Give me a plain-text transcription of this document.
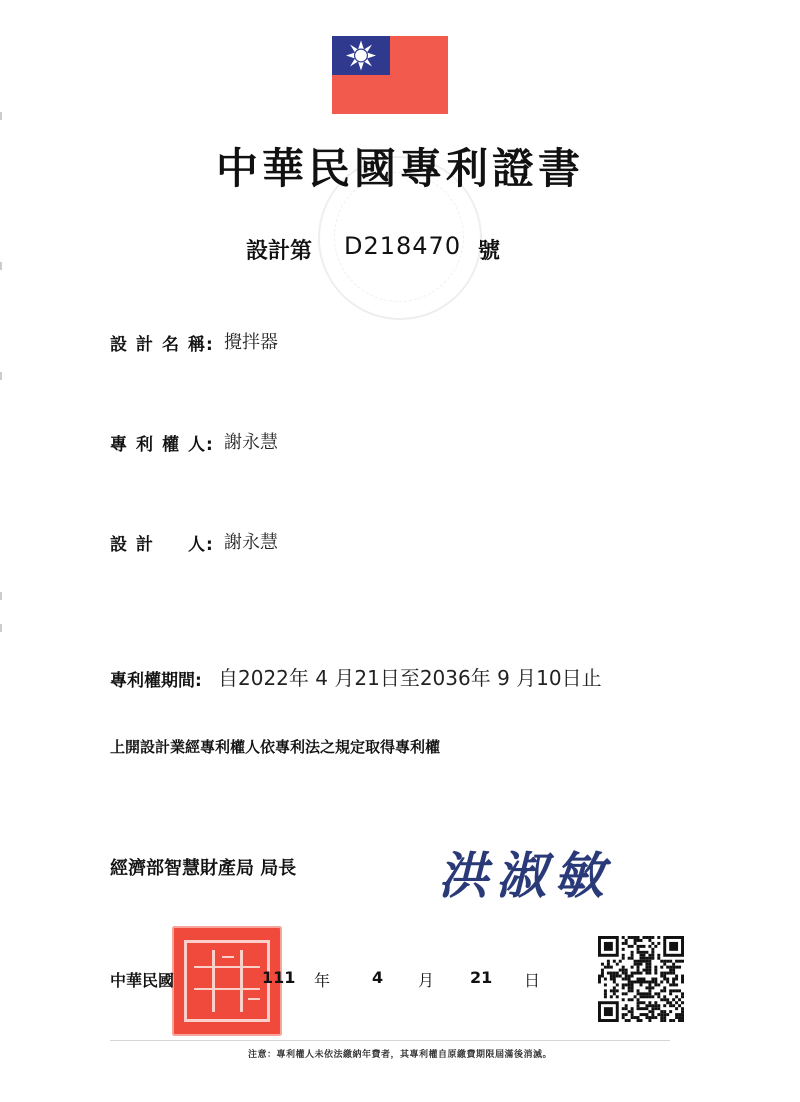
中華民國專利證書
設計第 D218470 號
設 計 名 稱: 攪拌器
專 利 權 人: 謝永慧
設 計 人: 謝永慧
專利權期間: 自2022年 4 月21日至2036年 9 月10日止
上開設計業經專利權人依專利法之規定取得專利權
經濟部智慧財產局 局長	洪淑敏
中華民國	111 年	4 月 21 日
注意：專利權人未依法繳納年費者，其專利權自原繳費期限屆滿後消滅。
